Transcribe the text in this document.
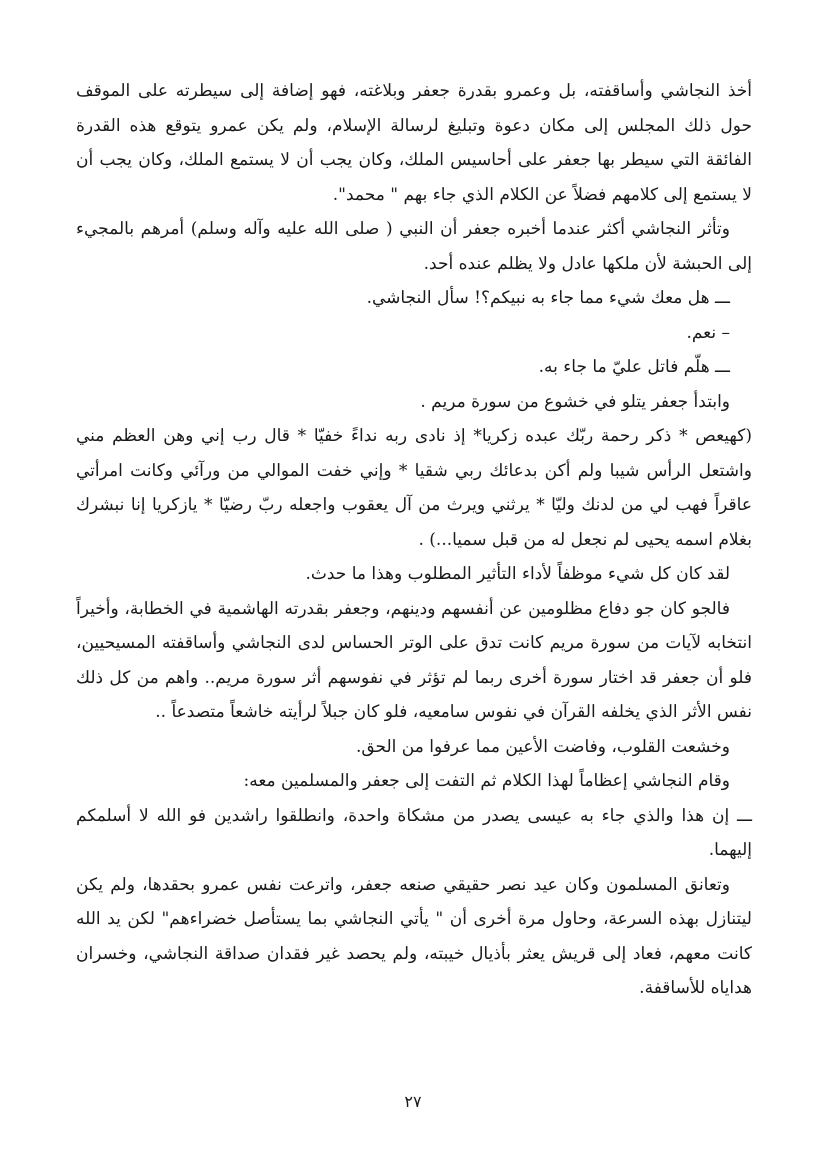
أخذ النجاشي وأساقفته، بل وعمرو بقدرة جعفر وبلاغته، فهو إضافة إلى سيطرته على الموقف حول ذلك المجلس إلى مكان دعوة وتبليغ لرسالة الإسلام، ولم يكن عمرو يتوقع هذه القدرة الفائقة التي سيطر بها جعفر على أحاسيس الملك، وكان يجب أن لا يستمع الملك، وكان يجب أن لا يستمع إلى كلامهم فضلاً عن الكلام الذي جاء بهم " محمد".

وتأثر النجاشي أكثر عندما أخبره جعفر أن النبي ( صلى الله عليه وآله وسلم) أمرهم بالمجيء إلى الحبشة لأن ملكها عادل ولا يظلم عنده أحد.

ـــ هل معك شيء مما جاء به نبيكم؟! سأل النجاشي.

– نعم.

ـــ هلّم فاتل عليّ ما جاء به.

وابتدأ جعفر يتلو في خشوع من سورة مريم .

(كهيعص * ذكر رحمة ربّك عبده زكريا* إذ نادى ربه نداءً خفيّا * قال رب إني وهن العظم مني واشتعل الرأس شيبا ولم أكن بدعائك ربي شقيا * وإني خفت الموالي من ورآئي وكانت امرأتي عاقراً فهب لي من لدنك وليّا * يرثني ويرث من آل يعقوب واجعله ربّ رضيّا * يازكريا إنا نبشرك بغلام اسمه يحيى لم نجعل له من قبل سميا...) .

لقد كان كل شيء موظفاً لأداء التأثير المطلوب وهذا ما حدث.

فالجو كان جو دفاع مظلومين عن أنفسهم ودينهم، وجعفر بقدرته الهاشمية في الخطابة، وأخيراً انتخابه لآيات من سورة مريم كانت تدق على الوتر الحساس لدى النجاشي وأساقفته المسيحيين، فلو أن جعفر قد اختار سورة أخرى ربما لم تؤثر في نفوسهم أثر سورة مريم.. واهم من كل ذلك نفس الأثر الذي يخلفه القرآن في نفوس سامعيه، فلو كان جبلاً لرأيته خاشعاً متصدعاً ..

وخشعت القلوب، وفاضت الأعين مما عرفوا من الحق.

وقام النجاشي إعظاماً لهذا الكلام ثم التفت إلى جعفر والمسلمين معه:

ـــ إن هذا والذي جاء به عيسى يصدر من مشكاة واحدة، وانطلقوا راشدين فو الله لا أسلمكم إليهما.

وتعانق المسلمون وكان عيد نصر حقيقي صنعه جعفر، واترعت نفس عمرو بحقدها، ولم يكن ليتنازل بهذه السرعة، وحاول مرة أخرى أن " يأتي النجاشي بما يستأصل خضراءهم" لكن يد الله كانت معهم، فعاد إلى قريش يعثر بأذيال خيبته، ولم يحصد غير فقدان صداقة النجاشي، وخسران هداياه للأساقفة.

٢٧
